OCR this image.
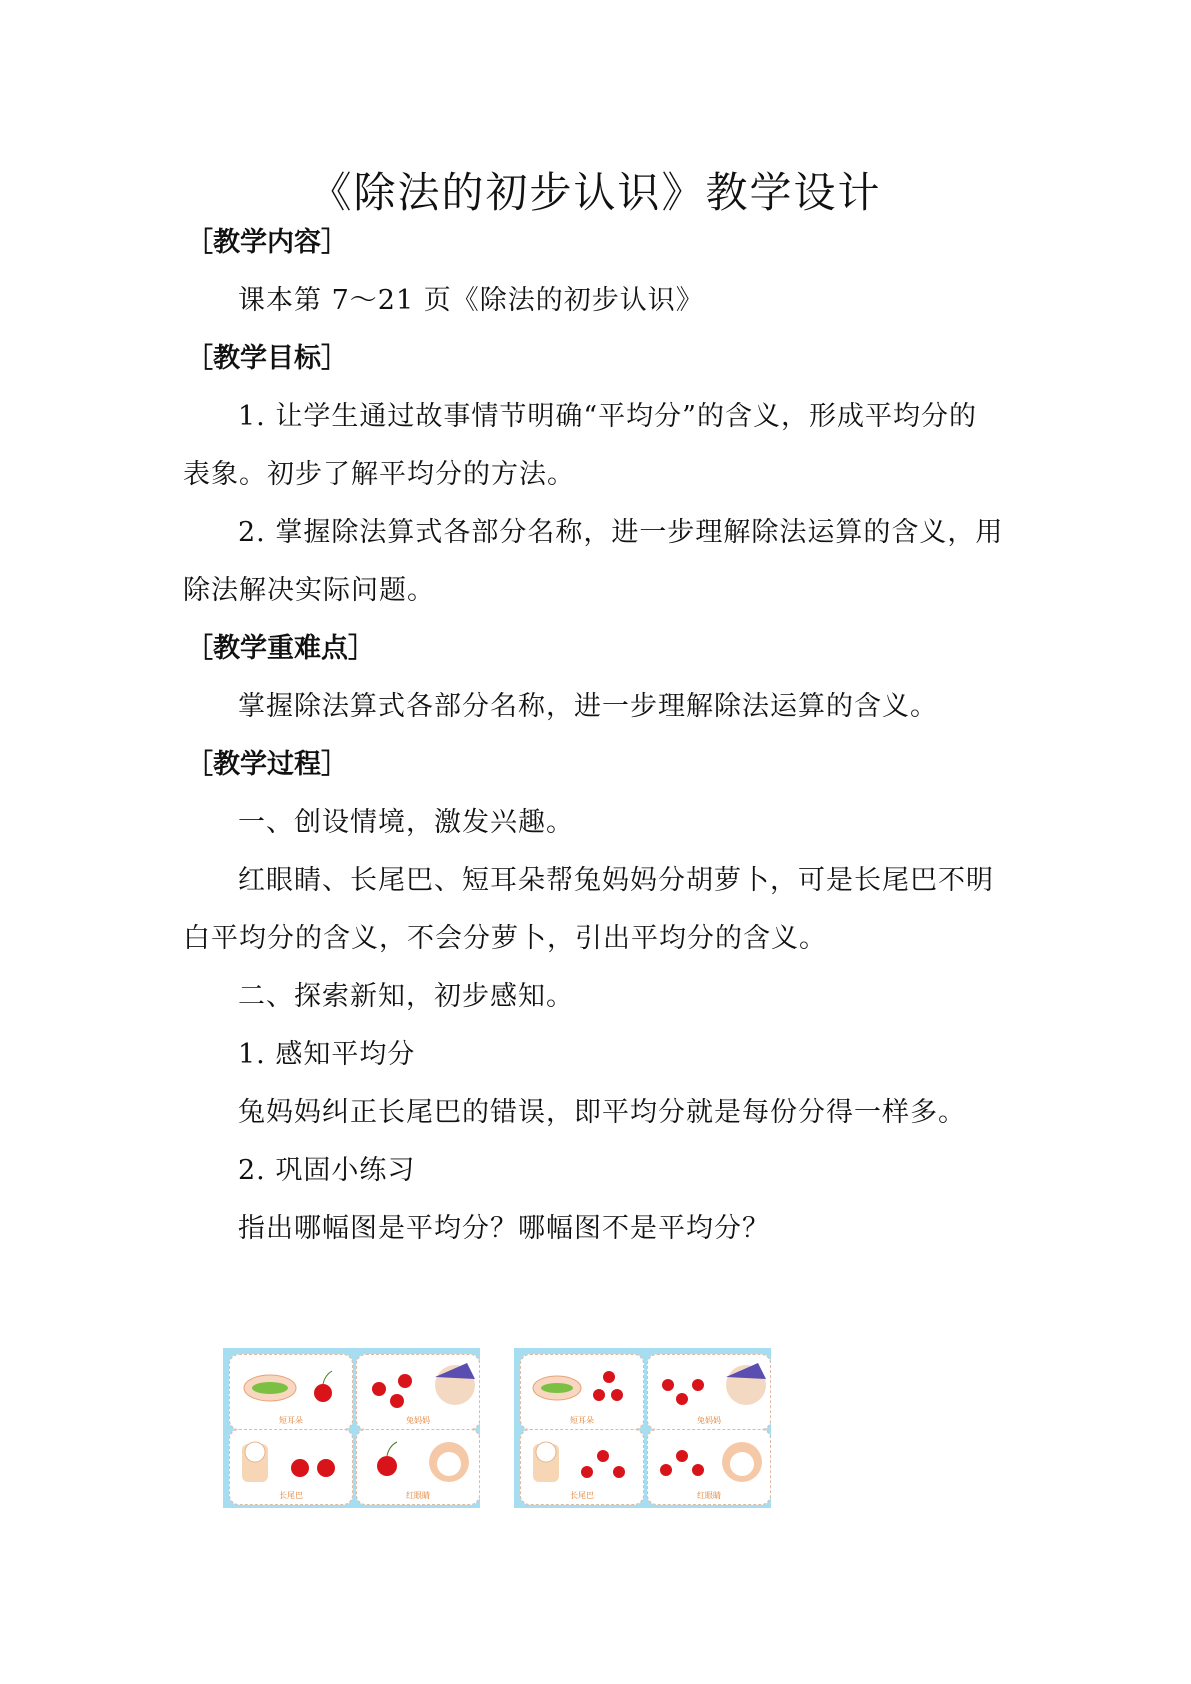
《除法的初步认识》教学设计
［教学内容］
课本第 7～21 页《除法的初步认识》
［教学目标］
1. 让学生通过故事情节明确“平均分”的含义，形成平均分的
表象。初步了解平均分的方法。
2. 掌握除法算式各部分名称，进一步理解除法运算的含义，用
除法解决实际问题。
［教学重难点］
掌握除法算式各部分名称，进一步理解除法运算的含义。
［教学过程］
一、创设情境，激发兴趣。
红眼睛、长尾巴、短耳朵帮兔妈妈分胡萝卜，可是长尾巴不明
白平均分的含义，不会分萝卜，引出平均分的含义。
二、探索新知，初步感知。
1. 感知平均分
兔妈妈纠正长尾巴的错误，即平均分就是每份分得一样多。
2. 巩固小练习
指出哪幅图是平均分？哪幅图不是平均分？
短耳朵	兔妈妈
长尾巴	红眼睛
短耳朵	兔妈妈
长尾巴	红眼睛
